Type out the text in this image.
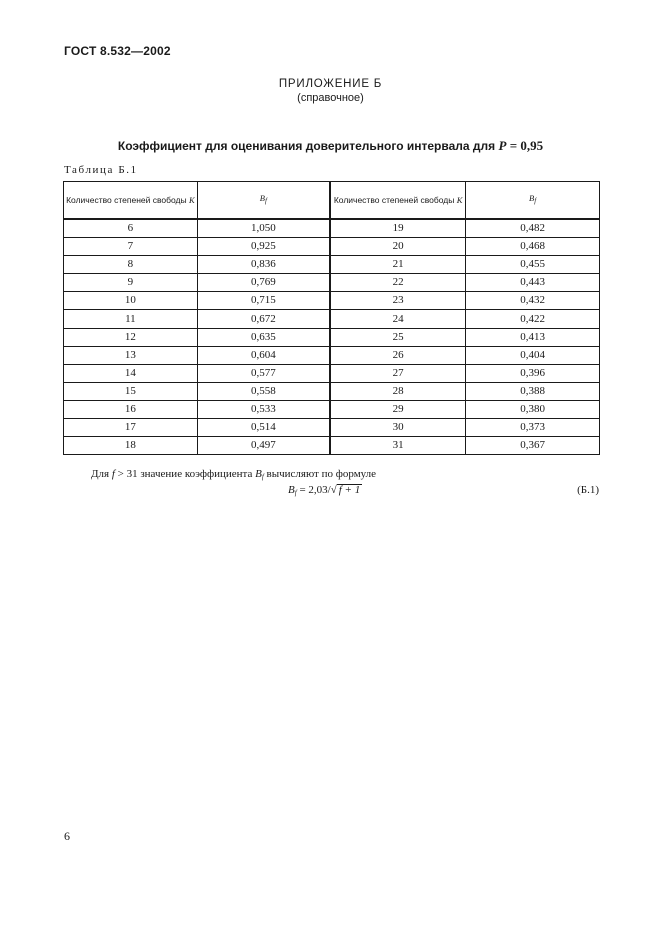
ГОСТ 8.532—2002
ПРИЛОЖЕНИЕ Б
(справочное)
Коэффициент для оценивания доверительного интервала для P = 0,95
Таблица Б.1
Количество степеней свободы K	$B_f$	Количество степеней свободы K	$B_f$
6	1,050	19	0,482
7	0,925	20	0,468
8	0,836	21	0,455
9	0,769	22	0,443
10	0,715	23	0,432
11	0,672	24	0,422
12	0,635	25	0,413
13	0,604	26	0,404
14	0,577	27	0,396
15	0,558	28	0,388
16	0,533	29	0,380
17	0,514	30	0,373
18	0,497	31	0,367
Для f > 31 значение коэффициента $B_f$ вычисляют по формуле
$B_f = 2,03/√$ f + 1	(Б.1)
6
